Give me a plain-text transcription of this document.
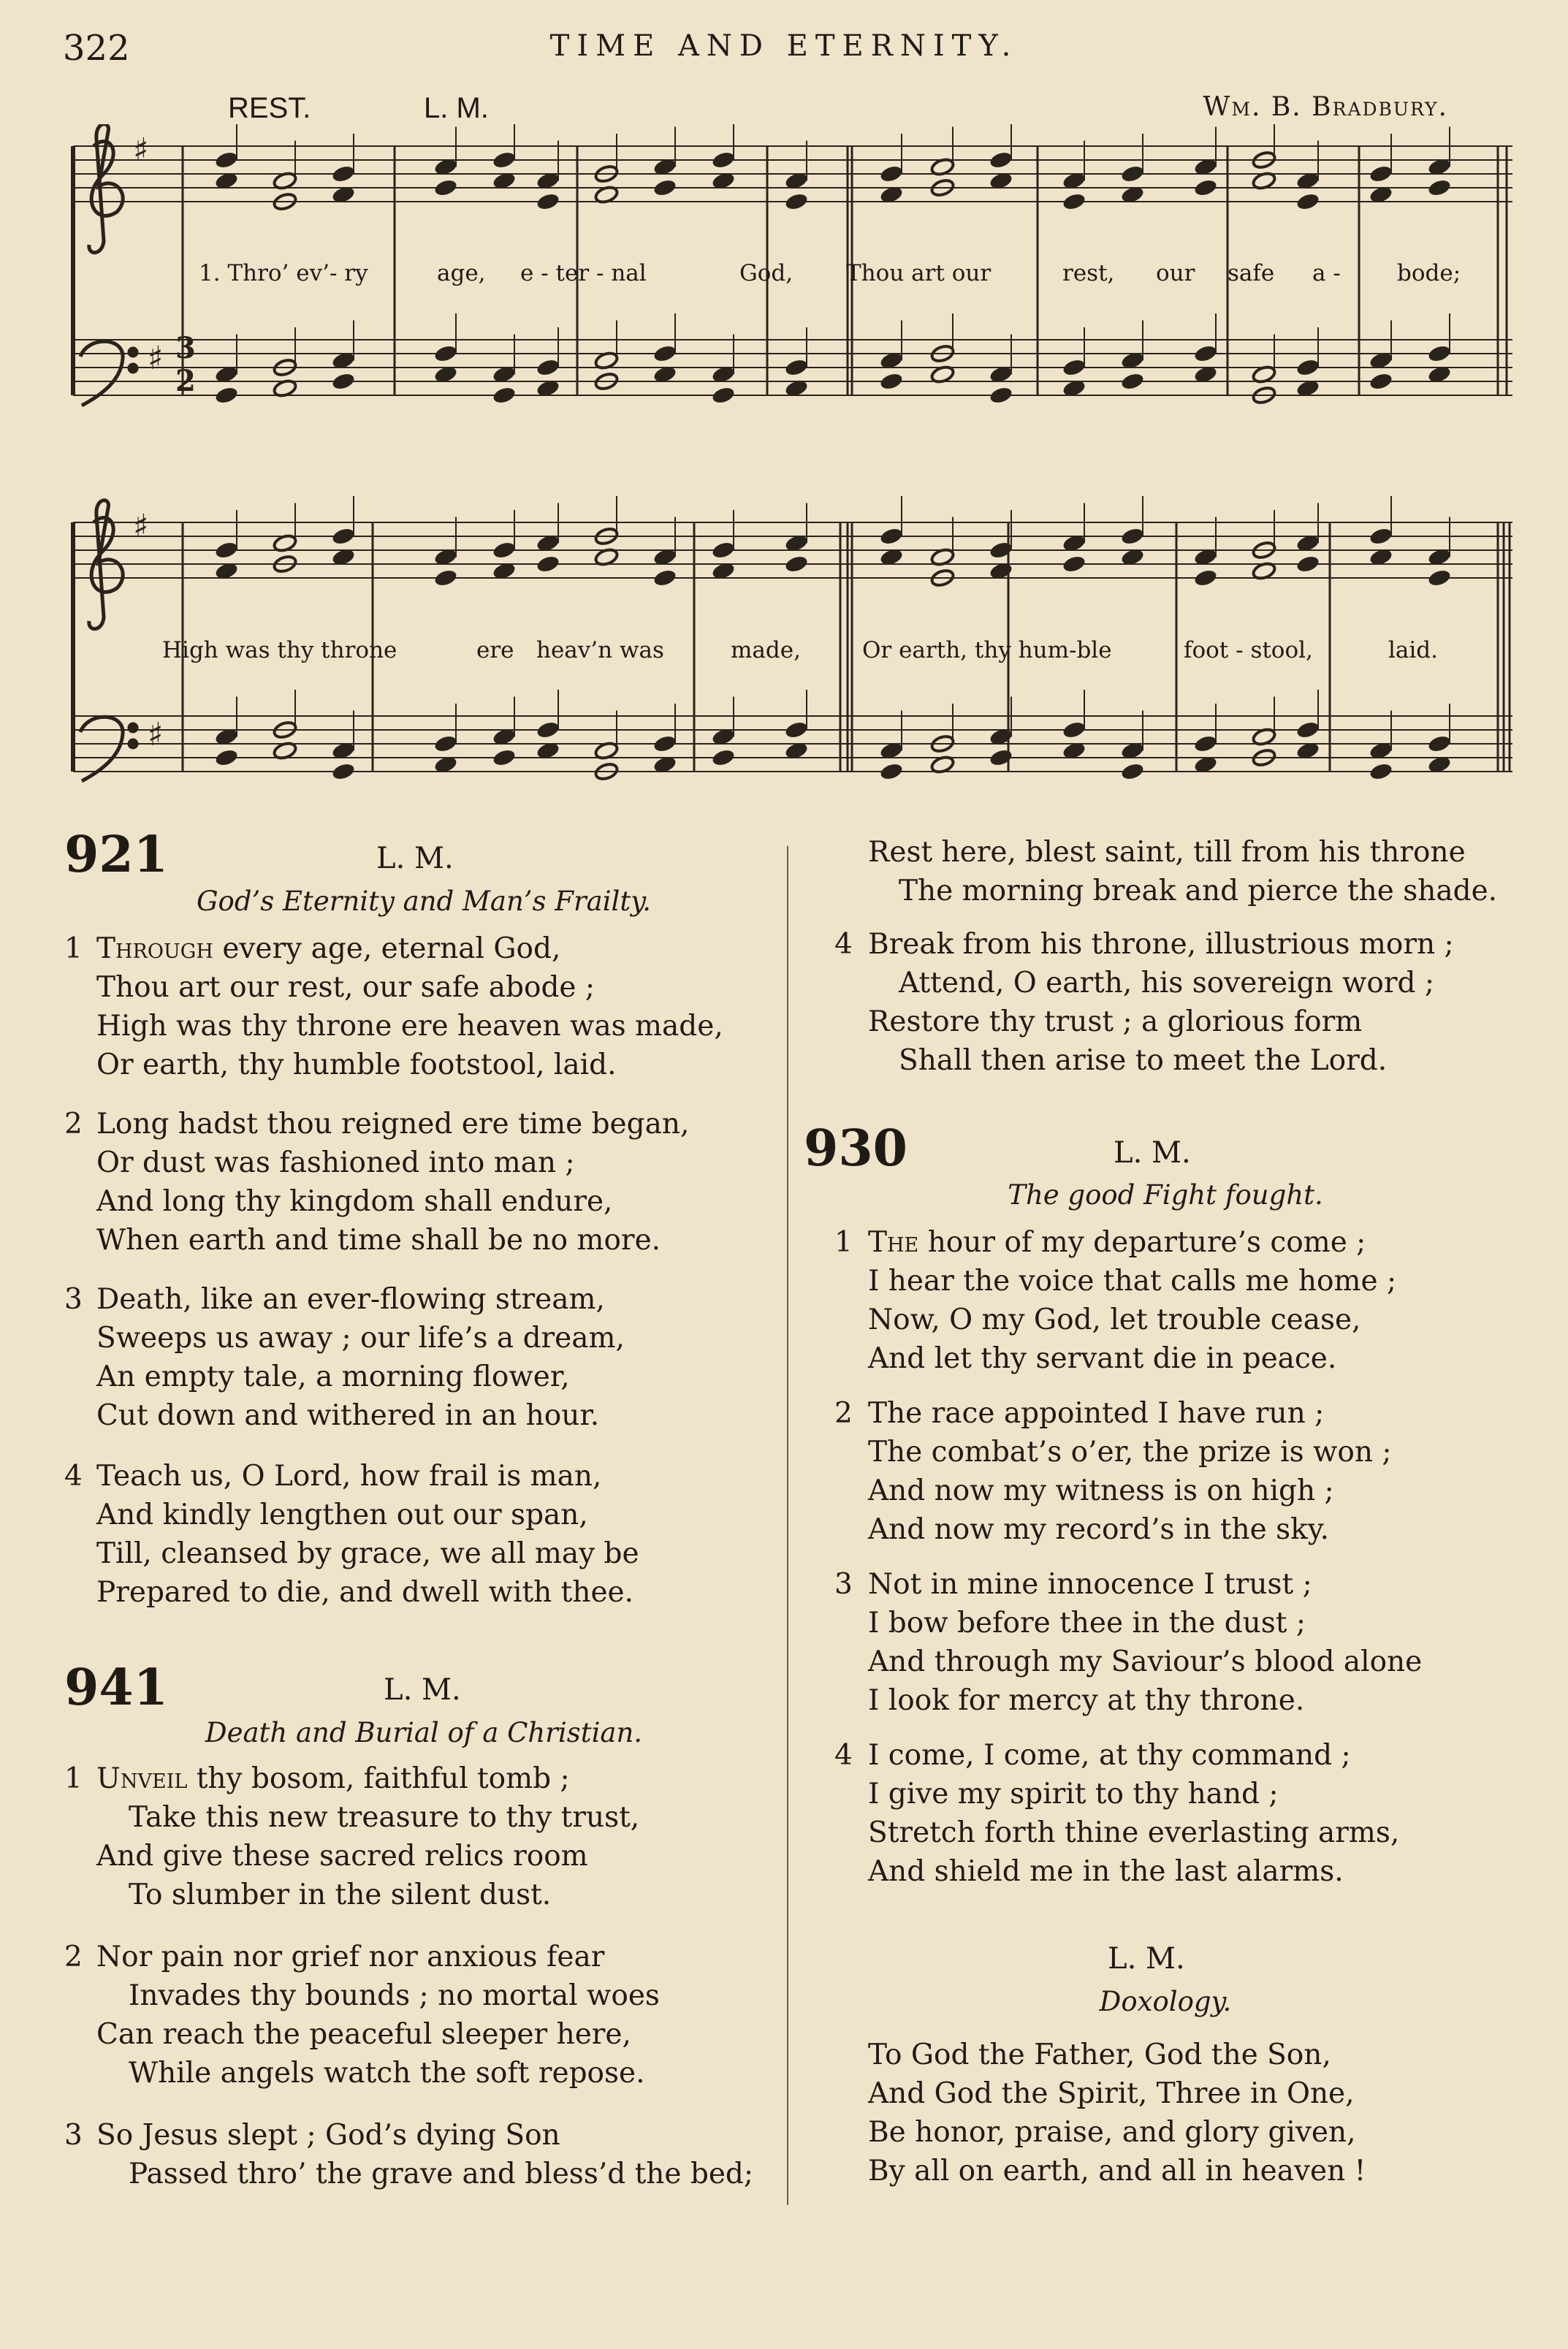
322	TIME AND ETERNITY.
REST.	L. M.	Wm. B. Bradbury.
3
2
♯
♯
♯
♯
1. Thro’ ev’- ry	age, e - ter - nal	God, Thou art our	rest, our safe a - bode;
High was thy throne	ere heav’n was	made,	Or earth, thy hum-ble	foot - stool,	laid.
921	L. M.
God’s Eternity and Man’s Frailty.
1 Through every age, eternal God,
Thou art our rest, our safe abode ;
High was thy throne ere heaven was made,
Or earth, thy humble footstool, laid.
2 Long hadst thou reigned ere time began,
Or dust was fashioned into man ;
And long thy kingdom shall endure,
When earth and time shall be no more.
3 Death, like an ever-flowing stream,
Sweeps us away ; our life’s a dream,
An empty tale, a morning flower,
Cut down and withered in an hour.
4 Teach us, O Lord, how frail is man,
And kindly lengthen out our span,
Till, cleansed by grace, we all may be
Prepared to die, and dwell with thee.
941	L. M.
Death and Burial of a Christian.
1 Unveil thy bosom, faithful tomb ;
Take this new treasure to thy trust,
And give these sacred relics room
To slumber in the silent dust.
2 Nor pain nor grief nor anxious fear
Invades thy bounds ; no mortal woes
Can reach the peaceful sleeper here,
While angels watch the soft repose.
3 So Jesus slept ; God’s dying Son
Passed thro’ the grave and bless’d the bed;
Rest here, blest saint, till from his throne
The morning break and pierce the shade.
4 Break from his throne, illustrious morn ;
Attend, O earth, his sovereign word ;
Restore thy trust ; a glorious form
Shall then arise to meet the Lord.
930	L. M.
The good Fight fought.
1 The hour of my departure’s come ;
I hear the voice that calls me home ;
Now, O my God, let trouble cease,
And let thy servant die in peace.
2 The race appointed I have run ;
The combat’s o’er, the prize is won ;
And now my witness is on high ;
And now my record’s in the sky.
3 Not in mine innocence I trust ;
I bow before thee in the dust ;
And through my Saviour’s blood alone
I look for mercy at thy throne.
4 I come, I come, at thy command ;
I give my spirit to thy hand ;
Stretch forth thine everlasting arms,
And shield me in the last alarms.
L. M.
Doxology.
To God the Father, God the Son,
And God the Spirit, Three in One,
Be honor, praise, and glory given,
By all on earth, and all in heaven !
